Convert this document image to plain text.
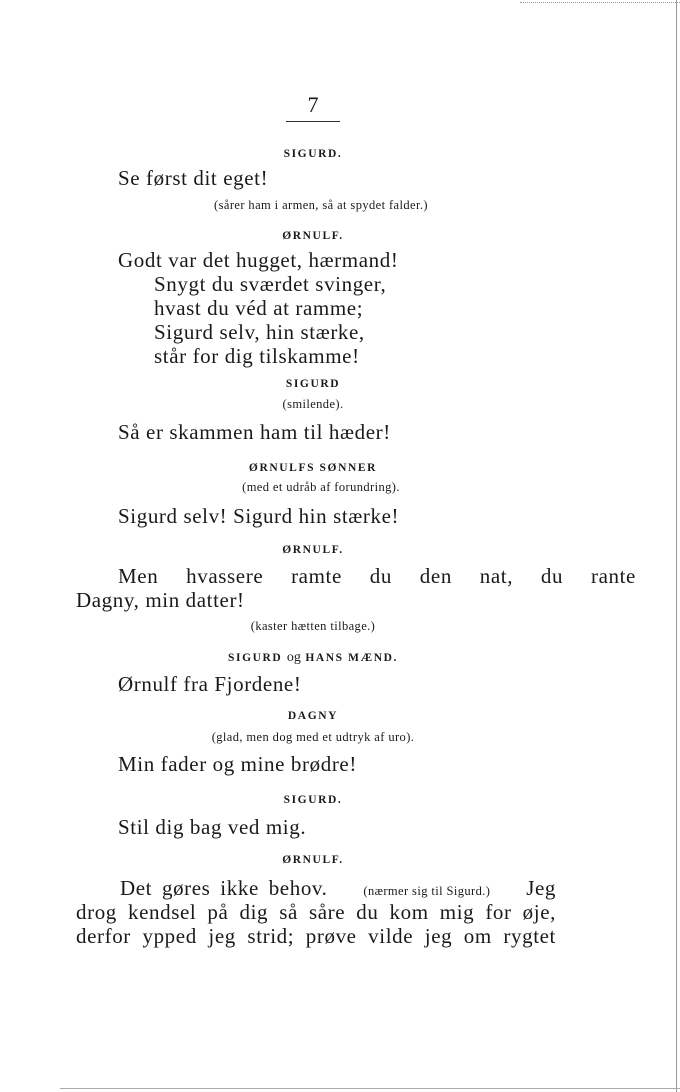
7
SIGURD.
Se først dit eget!
(sårer ham i armen, så at spydet falder.)
ØRNULF.
Godt var det hugget, hærmand!
Snygt du sværdet svinger,
hvast du véd at ramme;
Sigurd selv, hin stærke,
står for dig tilskamme!
SIGURD
(smilende).
Så er skammen ham til hæder!
ØRNULFS SØNNER
(med et udråb af forundring).
Sigurd selv! Sigurd hin stærke!
ØRNULF.
Men hvassere ramte du den nat, du rante
Dagny, min datter!
(kaster hætten tilbage.)
SIGURD og HANS MÆND.
Ørnulf fra Fjordene!
DAGNY
(glad, men dog med et udtryk af uro).
Min fader og mine brødre!
SIGURD.
Stil dig bag ved mig.
ØRNULF.
Det gøres ikke behov.	(nærmer sig til Sigurd.) Jeg
drog kendsel på dig så såre du kom mig for øje,
derfor ypped jeg strid; prøve vilde jeg om rygtet
